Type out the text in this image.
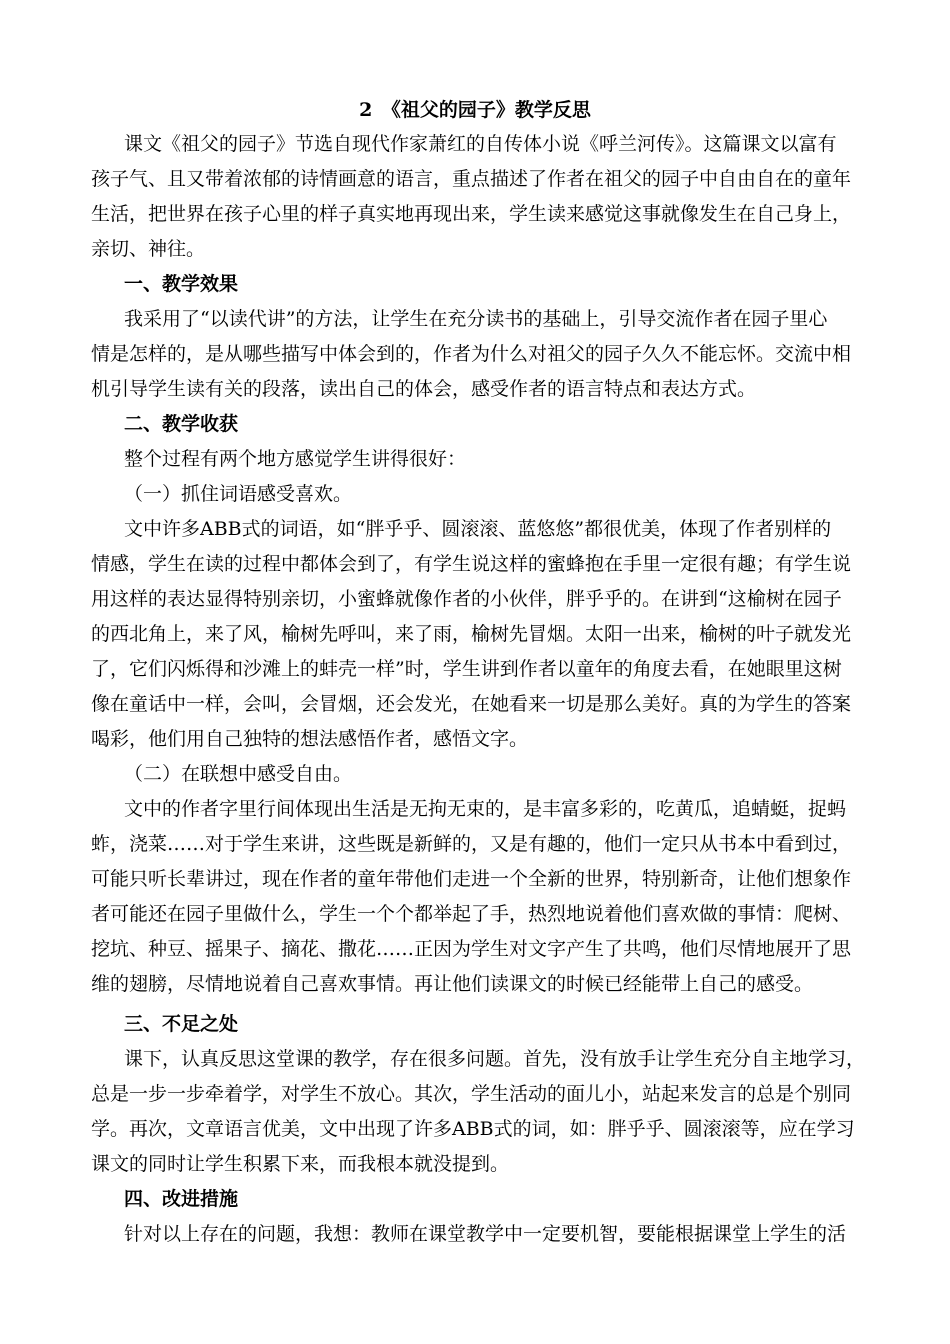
2　《祖父的园子》教学反思
课文《祖父的园子》节选自现代作家萧红的自传体小说《呼兰河传》。这篇课文以富有
孩子气、且又带着浓郁的诗情画意的语言，重点描述了作者在祖父的园子中自由自在的童年
生活，把世界在孩子心里的样子真实地再现出来，学生读来感觉这事就像发生在自己身上，
亲切、神往。
一、教学效果
我采用了“以读代讲”的方法，让学生在充分读书的基础上，引导交流作者在园子里心
情是怎样的，是从哪些描写中体会到的，作者为什么对祖父的园子久久不能忘怀。交流中相
机引导学生读有关的段落，读出自己的体会，感受作者的语言特点和表达方式。
二、教学收获
整个过程有两个地方感觉学生讲得很好：
（一）抓住词语感受喜欢。
文中许多ABB式的词语，如“胖乎乎、圆滚滚、蓝悠悠”都很优美，体现了作者别样的
情感，学生在读的过程中都体会到了，有学生说这样的蜜蜂抱在手里一定很有趣；有学生说
用这样的表达显得特别亲切，小蜜蜂就像作者的小伙伴，胖乎乎的。在讲到“这榆树在园子
的西北角上，来了风，榆树先呼叫，来了雨，榆树先冒烟。太阳一出来，榆树的叶子就发光
了，它们闪烁得和沙滩上的蚌壳一样”时，学生讲到作者以童年的角度去看，在她眼里这树
像在童话中一样，会叫，会冒烟，还会发光，在她看来一切是那么美好。真的为学生的答案
喝彩，他们用自己独特的想法感悟作者，感悟文字。
（二）在联想中感受自由。
文中的作者字里行间体现出生活是无拘无束的，是丰富多彩的，吃黄瓜，追蜻蜓，捉蚂
蚱，浇菜……对于学生来讲，这些既是新鲜的，又是有趣的，他们一定只从书本中看到过，
可能只听长辈讲过，现在作者的童年带他们走进一个全新的世界，特别新奇，让他们想象作
者可能还在园子里做什么，学生一个个都举起了手，热烈地说着他们喜欢做的事情：爬树、
挖坑、种豆、摇果子、摘花、撒花……正因为学生对文字产生了共鸣，他们尽情地展开了思
维的翅膀，尽情地说着自己喜欢事情。再让他们读课文的时候已经能带上自己的感受。
三、不足之处
课下，认真反思这堂课的教学，存在很多问题。首先，没有放手让学生充分自主地学习，
总是一步一步牵着学，对学生不放心。其次，学生活动的面儿小，站起来发言的总是个别同
学。再次，文章语言优美，文中出现了许多ABB式的词，如：胖乎乎、圆滚滚等，应在学习
课文的同时让学生积累下来，而我根本就没提到。
四、改进措施
针对以上存在的问题，我想：教师在课堂教学中一定要机智，要能根据课堂上学生的活
